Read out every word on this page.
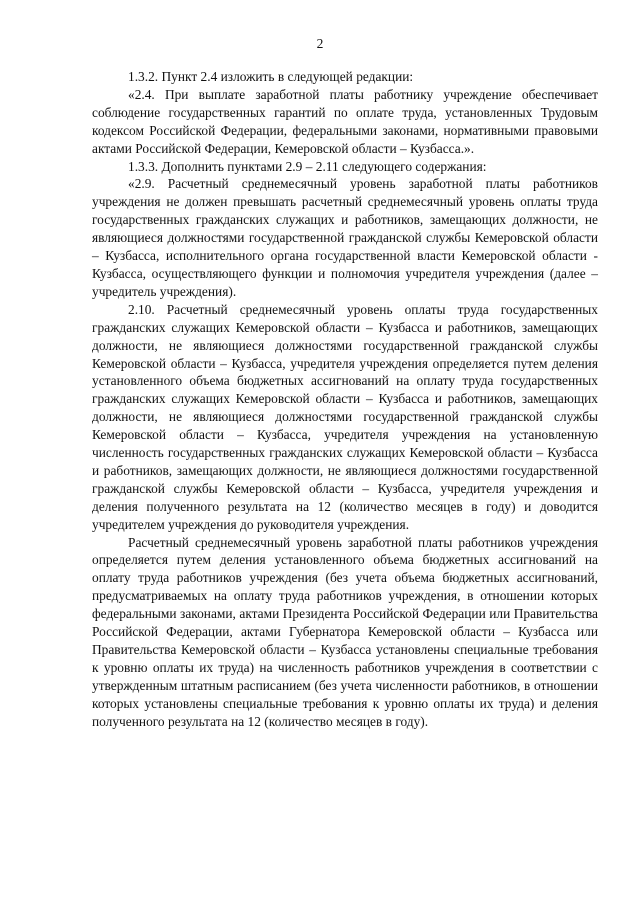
2

1.3.2. Пункт 2.4 изложить в следующей редакции:

«2.4. При выплате заработной платы работнику учреждение обеспечивает соблюдение государственных гарантий по оплате труда, установленных Трудовым кодексом Российской Федерации, федеральными законами, нормативными правовыми актами Российской Федерации, Кемеровской области – Кузбасса.».

1.3.3. Дополнить пунктами 2.9 – 2.11 следующего содержания:

«2.9. Расчетный среднемесячный уровень заработной платы работников учреждения не должен превышать расчетный среднемесячный уровень оплаты труда государственных гражданских служащих и работников, замещающих должности, не являющиеся должностями государственной гражданской службы Кемеровской области – Кузбасса, исполнительного органа государственной власти Кемеровской области - Кузбасса, осуществляющего функции и полномочия учредителя учреждения (далее – учредитель учреждения).

2.10. Расчетный среднемесячный уровень оплаты труда государственных гражданских служащих Кемеровской области – Кузбасса и работников, замещающих должности, не являющиеся должностями государственной гражданской службы Кемеровской области – Кузбасса, учредителя учреждения определяется путем деления установленного объема бюджетных ассигнований на оплату труда государственных гражданских служащих Кемеровской области – Кузбасса и работников, замещающих должности, не являющиеся должностями государственной гражданской службы Кемеровской области – Кузбасса, учредителя учреждения на установленную численность государственных гражданских служащих Кемеровской области – Кузбасса и работников, замещающих должности, не являющиеся должностями государственной гражданской службы Кемеровской области – Кузбасса, учредителя учреждения и деления полученного результата на 12 (количество месяцев в году) и доводится учредителем учреждения до руководителя учреждения.

Расчетный среднемесячный уровень заработной платы работников учреждения определяется путем деления установленного объема бюджетных ассигнований на оплату труда работников учреждения (без учета объема бюджетных ассигнований, предусматриваемых на оплату труда работников учреждения, в отношении которых федеральными законами, актами Президента Российской Федерации или Правительства Российской Федерации, актами Губернатора Кемеровской области – Кузбасса или Правительства Кемеровской области – Кузбасса установлены специальные требования к уровню оплаты их труда) на численность работников учреждения в соответствии с утвержденным штатным расписанием (без учета численности работников, в отношении которых установлены специальные требования к уровню оплаты их труда) и деления полученного результата на 12 (количество месяцев в году).
